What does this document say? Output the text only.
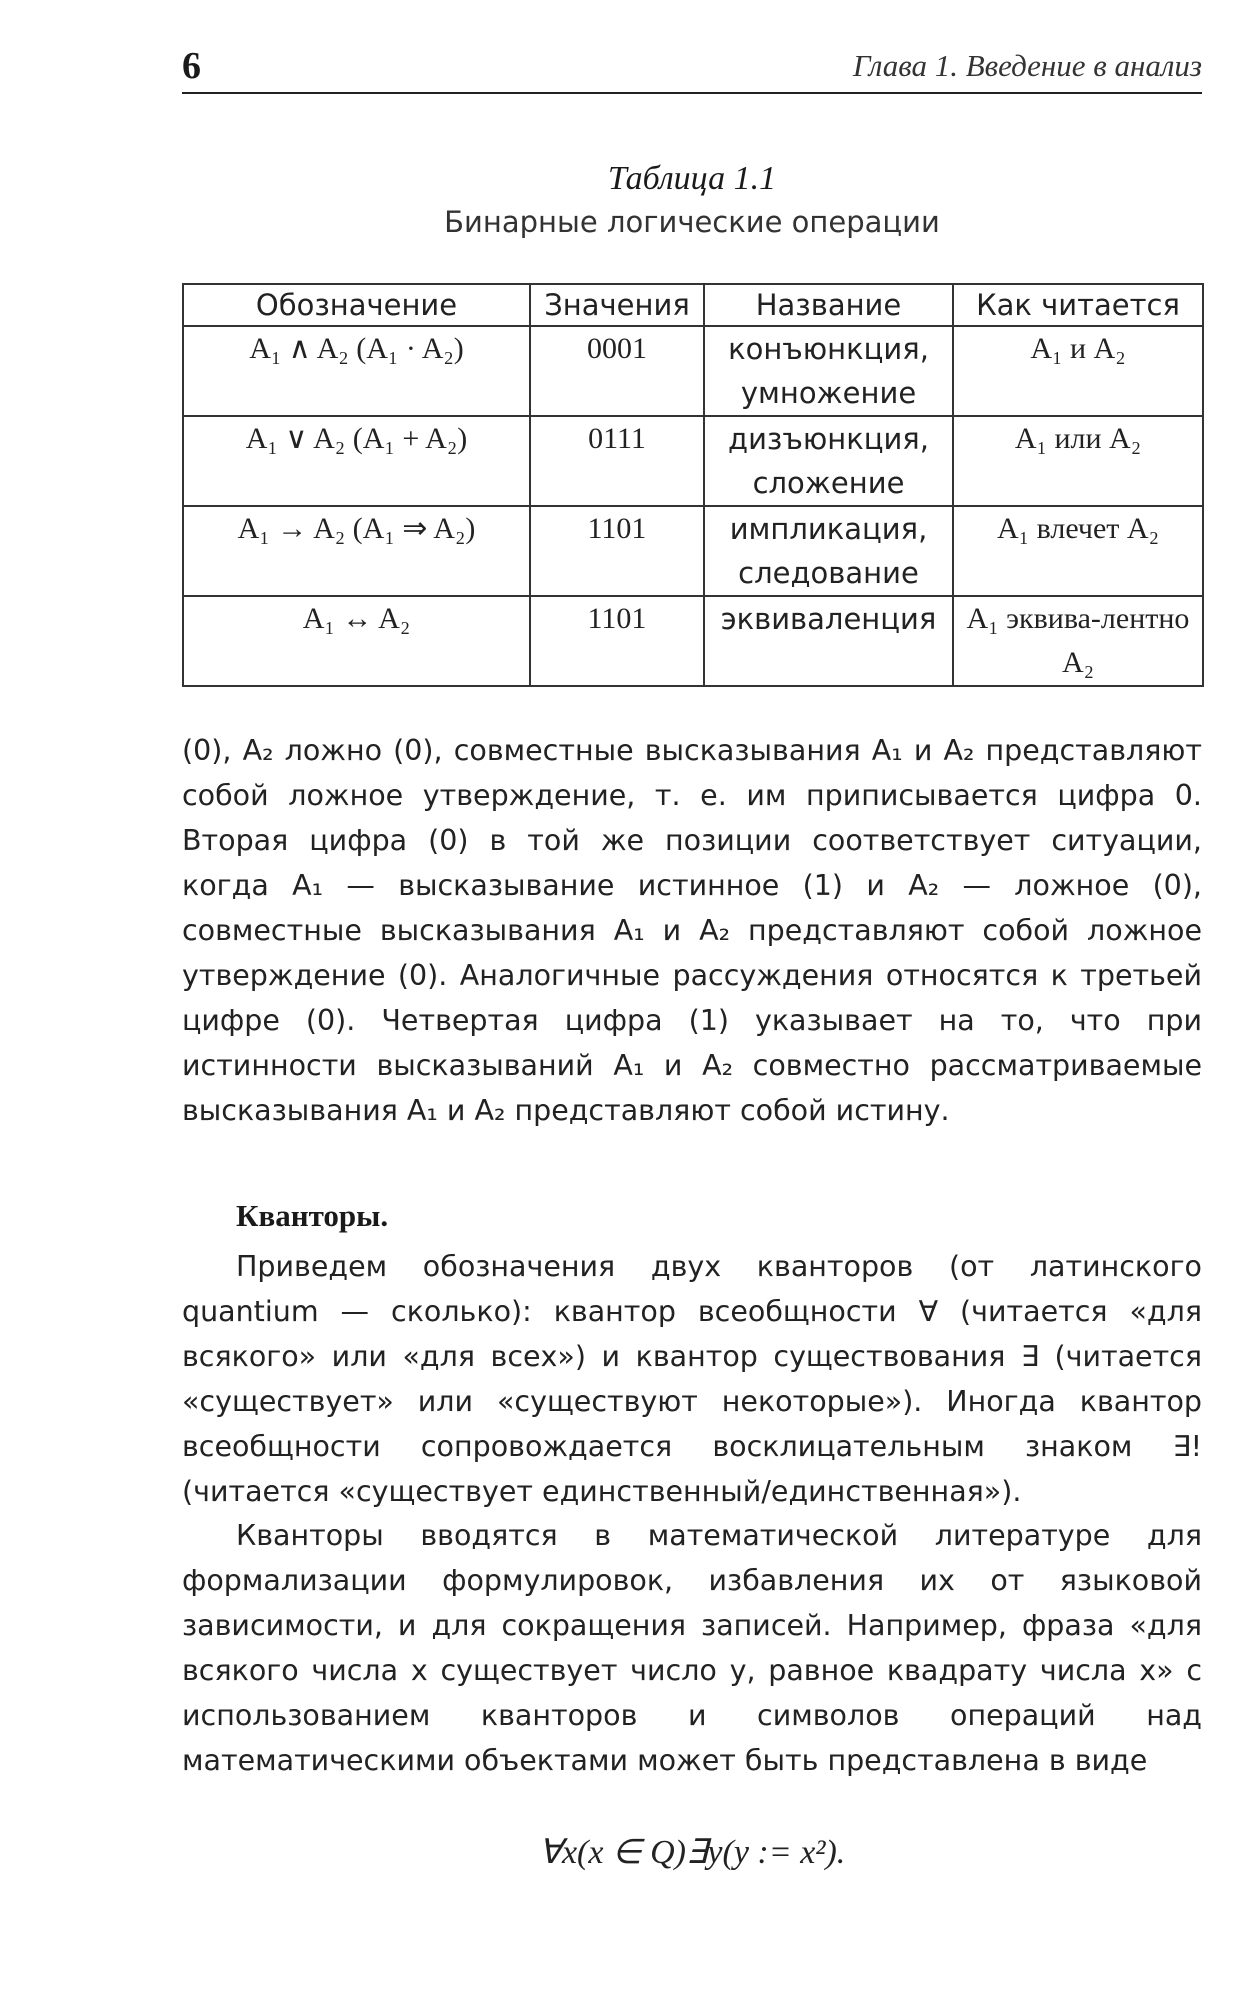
6	Глава 1. Введение в анализ
Таблица 1.1
Бинарные логические операции
Обозначение	Значения	Название	Как читается
A₁ ∧ A₂ (A₁ · A₂)	0001	конъюнкция, умножение	A₁ и A₂
A₁ ∨ A₂ (A₁ + A₂)	0111	дизъюнкция, сложение	A₁ или A₂
A₁ → A₂ (A₁ ⇒ A₂)	1101	импликация, следование	A₁ влечет A₂
A₁ ↔ A₂	1101	эквиваленция	A₁ эквива-лентно A₂

(0), A₂ ложно (0), совместные высказывания A₁ и A₂ представляют собой ложное утверждение, т. е. им приписывается цифра 0. Вторая цифра (0) в той же позиции соответствует ситуации, когда A₁ — высказывание истинное (1) и A₂ — ложное (0), совместные высказывания A₁ и A₂ представляют собой ложное утверждение (0). Аналогичные рассуждения относятся к третьей цифре (0). Четвертая цифра (1) указывает на то, что при истинности высказываний A₁ и A₂ совместно рассматриваемые высказывания A₁ и A₂ представляют собой истину.

Кванторы.

Приведем обозначения двух кванторов (от латинского quantium — сколько): квантор всеобщности ∀ (читается «для всякого» или «для всех») и квантор существования ∃ (читается «существует» или «существуют некоторые»). Иногда квантор всеобщности сопровождается восклицательным знаком ∃! (читается «существует единственный/единственная»).

Кванторы вводятся в математической литературе для формализации формулировок, избавления их от языковой зависимости, и для сокращения записей. Например, фраза «для всякого числа x существует число y, равное квадрату числа x» с использованием кванторов и символов операций над математическими объектами может быть представлена в виде

∀x(x ∈ Q)∃y(y := x²).
